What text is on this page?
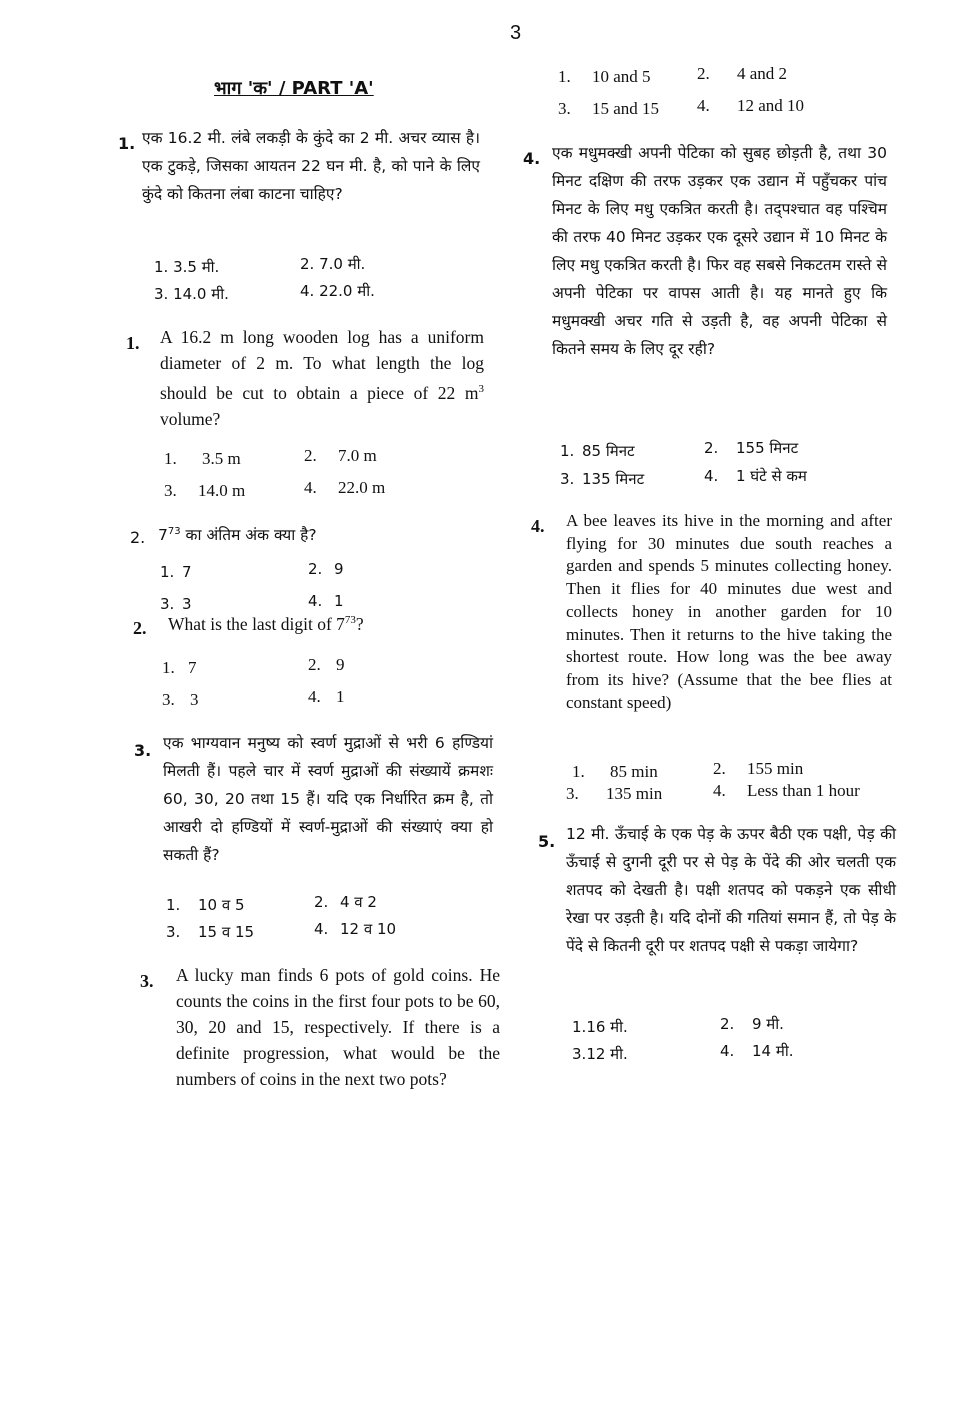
3
भाग 'क' / PART 'A'
1. एक 16.2 मी. लंबे लकड़ी के कुंदे का 2 मी. अचर व्यास है। एक टुकड़े, जिसका आयतन 22 घन मी. है, को पाने के लिए कुंदे को कितना लंबा काटना चाहिए?
1. 3.5 मी.	2. 7.0 मी.
3. 14.0 मी.	4. 22.0 मी.
1. A 16.2 m long wooden log has a uniform diameter of 2 m. To what length the log should be cut to obtain a piece of 22 $m^3$ volume?
1. 3.5 m	2. 7.0 m
3. 14.0 m	4. 22.0 m
2. $7^{73}$ का अंतिम अंक क्या है?
1. 7	2. 9
3. 3	4. 1
2. What is the last digit of $7^{73}$?
1. 7	2. 9
3. 3	4. 1
3. एक भाग्यवान मनुष्य को स्वर्ण मुद्राओं से भरी 6 हण्डियां मिलती हैं। पहले चार में स्वर्ण मुद्राओं की संख्यायें क्रमशः 60, 30, 20 तथा 15 हैं। यदि एक निर्धारित क्रम है, तो आखरी दो हण्डियों में स्वर्ण-मुद्राओं की संख्याएं क्या हो सकती हैं?
1. 10 व 5	2. 4 व 2
3. 15 व 15	4. 12 व 10
3. A lucky man finds 6 pots of gold coins. He counts the coins in the first four pots to be 60, 30, 20 and 15, respectively. If there is a definite progression, what would be the numbers of coins in the next two pots?
1. 10 and 5	2. 4 and 2
3. 15 and 15 4. 12 and 10
4. एक मधुमक्खी अपनी पेटिका को सुबह छोड़ती है, तथा 30 मिनट दक्षिण की तरफ उड़कर एक उद्यान में पहुँचकर पांच मिनट के लिए मधु एकत्रित करती है। तद्पश्चात वह पश्चिम की तरफ 40 मिनट उड़कर एक दूसरे उद्यान में 10 मिनट के लिए मधु एकत्रित करती है। फिर वह सबसे निकटतम रास्ते से अपनी पेटिका पर वापस आती है। यह मानते हुए कि मधुमक्खी अचर गति से उड़ती है, वह अपनी पेटिका से कितने समय के लिए दूर रही?
1. 85 मिनट	2. 155 मिनट
3. 135 मिनट	4. 1 घंटे से कम
4. A bee leaves its hive in the morning and after flying for 30 minutes due south reaches a garden and spends 5 minutes collecting honey. Then it flies for 40 minutes due west and collects honey in another garden for 10 minutes. Then it returns to the hive taking the shortest route. How long was the bee away from its hive? (Assume that the bee flies at constant speed)
1. 85 min	2. 155 min
3. 135 min	4. Less than 1 hour
5. 12 मी. ऊँचाई के एक पेड़ के ऊपर बैठी एक पक्षी, पेड़ की ऊँचाई से दुगनी दूरी पर से पेड़ के पेंदे की ओर चलती एक शतपद को देखती है। पक्षी शतपद को पकड़ने एक सीधी रेखा पर उड़ती है। यदि दोनों की गतियां समान हैं, तो पेड़ के पेंदे से कितनी दूरी पर शतपद पक्षी से पकड़ा जायेगा?
1.16 मी.	2. 9 मी.
3.12 मी.	4. 14 मी.
